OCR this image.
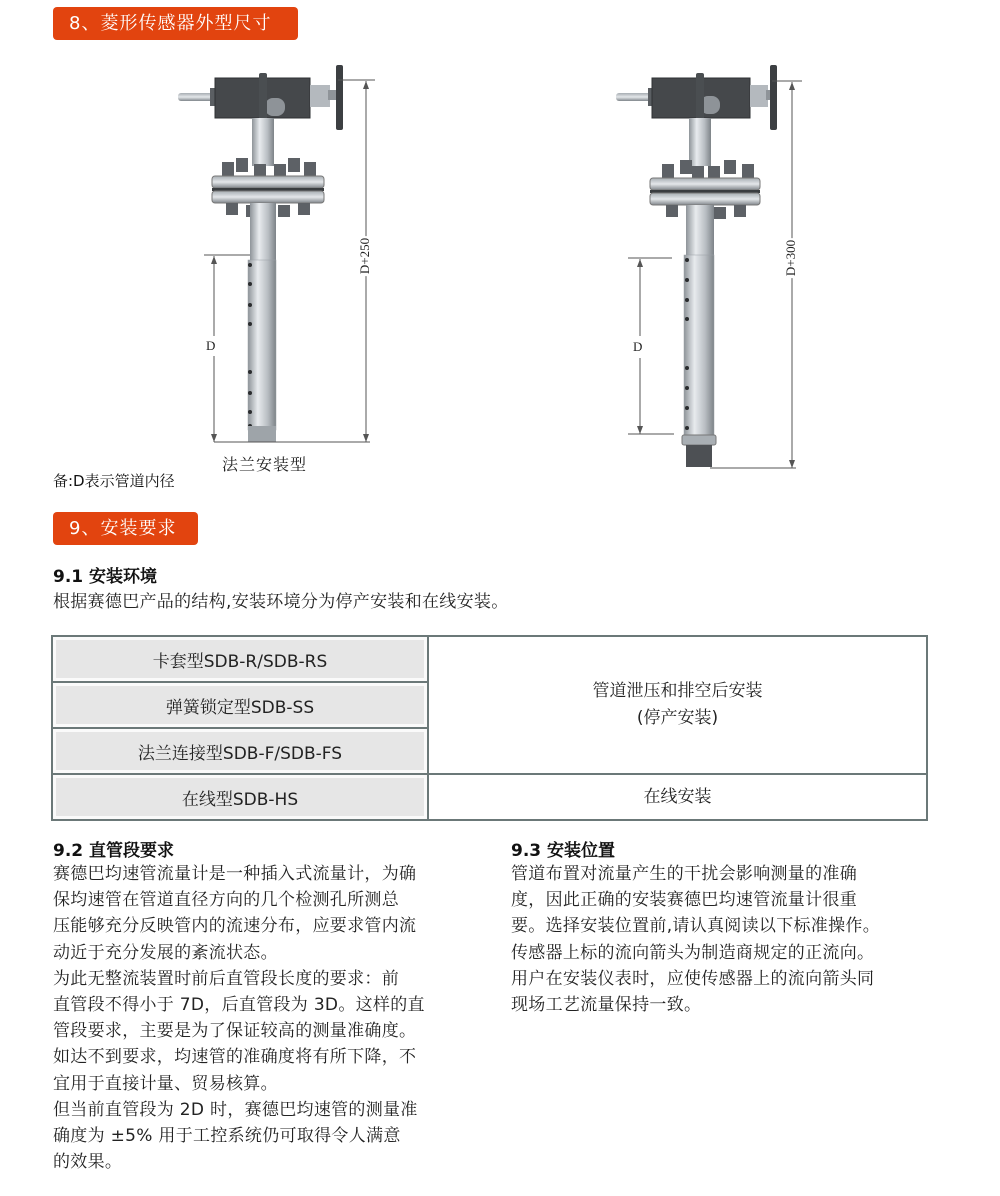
8、菱形传感器外型尺寸
D
D+250
法兰安装型
D
D+300
备:D表示管道内径
9、安装要求
9.1 安装环境
根据赛德巴产品的结构,安装环境分为停产安装和在线安装。
卡套型SDB-R/SDB-RS	管道泄压和排空后安装
(停产安装)

弹簧锁定型SDB-SS	
法兰连接型SDB-F/SDB-FS	
在线型SDB-HS	在线安装
9.2 直管段要求
赛德巴均速管流量计是一种插入式流量计，为确
保均速管在管道直径方向的几个检测孔所测总
压能够充分反映管内的流速分布，应要求管内流
动近于充分发展的紊流状态。
为此无整流装置时前后直管段长度的要求：前
直管段不得小于 7D，后直管段为 3D。这样的直
管段要求，主要是为了保证较高的测量准确度。
如达不到要求，均速管的准确度将有所下降，不
宜用于直接计量、贸易核算。
但当前直管段为 2D 时，赛德巴均速管的测量准
确度为 ±5% 用于工控系统仍可取得令人满意
的效果。
9.3 安装位置
管道布置对流量产生的干扰会影响测量的准确
度，因此正确的安装赛德巴均速管流量计很重
要。选择安装位置前,请认真阅读以下标准操作。
传感器上标的流向箭头为制造商规定的正流向。
用户在安装仪表时，应使传感器上的流向箭头同
现场工艺流量保持一致。
